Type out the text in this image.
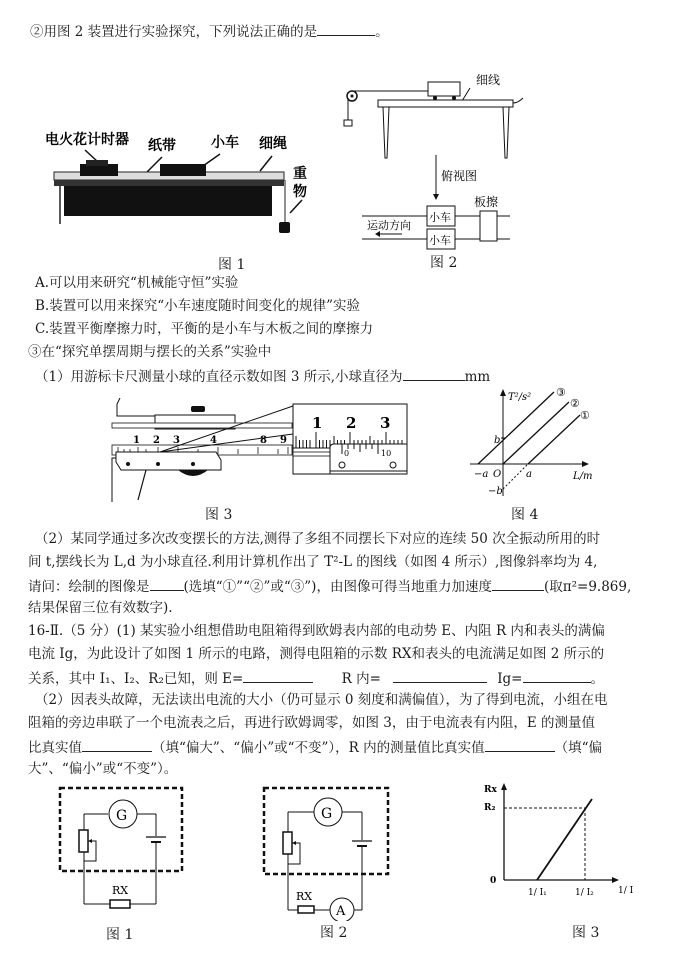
②用图 2 装置进行实验探究，下列说法正确的是	。
电火花计时器 纸带	小车 细绳
重
物
图 1
细线
俯视图
小车
小车
板擦
运动方向
图 2
A.可以用来研究“机械能守恒”实验
B.装置可以用来探究“小车速度随时间变化的规律”实验
C.装置平衡摩擦力时，平衡的是小车与木板之间的摩擦力
③在“探究单摆周期与摆长的关系”实验中
（1）用游标卡尺测量小球的直径示数如图 3 所示,小球直径为	mm
1 2 3	4	8 9
1 2 3
0	10
图 3
T²/s²
L/m
b
−b
−a O a
③
②
①
图 4
（2）某同学通过多次改变摆长的方法,测得了多组不同摆长下对应的连续 50 次全振动所用的时
间 t,摆线长为 L,d 为小球直径.利用计算机作出了 T²-L 的图线（如图 4 所示）,图像斜率均为 4,
请问：绘制的图像是	(选填“①”“②”或“③”)，由图像可得当地重力加速度	(取π²=9.869,
结果保留三位有效数字).
16-Ⅱ.（5 分）(1) 某实验小组想借助电阻箱得到欧姆表内部的电动势 E、内阻 R 内和表头的满偏
电流 Ig，为此设计了如图 1 所示的电路，测得电阻箱的示数 RX和表头的电流满足如图 2 所示的
关系，其中 I₁、I₂、R₂已知，则 E=	R 内=	Ig=	。
（2）因表头故障，无法读出电流的大小（仍可显示 0 刻度和满偏值），为了得到电流，小组在电
阻箱的旁边串联了一个电流表之后，再进行欧姆调零，如图 3，由于电流表有内阻，E 的测量值
比真实值	（填“偏大”、“偏小”或“不变”），R 内的测量值比真实值	（填“偏
大”、“偏小”或“不变”）。
G
RX
图 1
G
A
RX
图 2
Rx
R₂
0
1/ I₁	1/ I₂	1/ I
图 3
